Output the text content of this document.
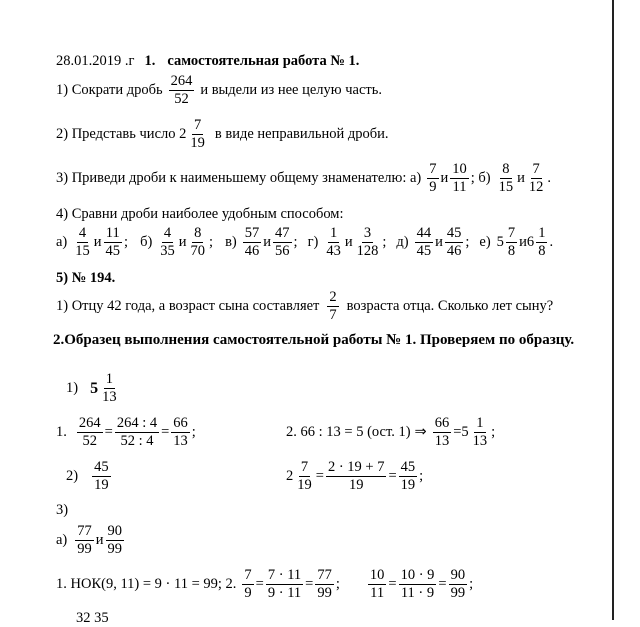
28.01.2019 .г 1. самостоятельная работа № 1.
1) Сократи дробь $\frac{264}{52}$ и выдели из нее целую часть.
2) Представь число $2 \frac{7}{19}$ в виде неправильной дроби.
3) Приведи дроби к наименьшему общему знаменателю: $а) \frac{7}{9}$ и $\frac{10}{11}$ ; $б) \frac{8}{15}$ и $\frac{7}{12}$ .
4) Сравни дроби наиболее удобным способом:
$а) \frac{4}{15}$ и $\frac{11}{45}$ ; $б) \frac{4}{35}$ и $\frac{8}{70}$ ; $в) \frac{57}{46}$ и $\frac{47}{56}$ ; $г) \frac{1}{43}$ и $\frac{3}{128}$ ; $д) \frac{44}{45}$ и $\frac{45}{46}$ ; е) $5 \frac{7}{8} и6 \frac{1}{8}$ .
5) № 194.
1) Отцу 42 года, а возраст сына составляет $\frac{2}{7}$ возраста отца. Сколько лет сыну?
2.Образец выполнения самостоятельной работы № 1. Проверяем по образцу.
1) $5 \frac{1}{13}$
1. $\frac{264}{52} = \frac{264 : 4}{52 : 4} = \frac{66}{13}$ ;	2. 66 : 13 = 5 (ост. 1) ⇒ $\frac{66}{13} = 5 \frac{1}{13}$ ;
$2) \frac{45}{19}$	$2 \frac{7}{19} = \frac{2 \cdot 19 + 7}{19} = \frac{45}{19}$ ;
3)
$а) \frac{77}{99}$ и $\frac{90}{99}$
1. НОК(9, 11) = 9 · 11 = 99; 2. $\frac{7}{9} = \frac{7 \cdot 11}{9 \cdot 11} = \frac{77}{99}$ ; $\frac{10}{11} = \frac{10 \cdot 9}{11 \cdot 9} = \frac{90}{99}$ ;
32 35
